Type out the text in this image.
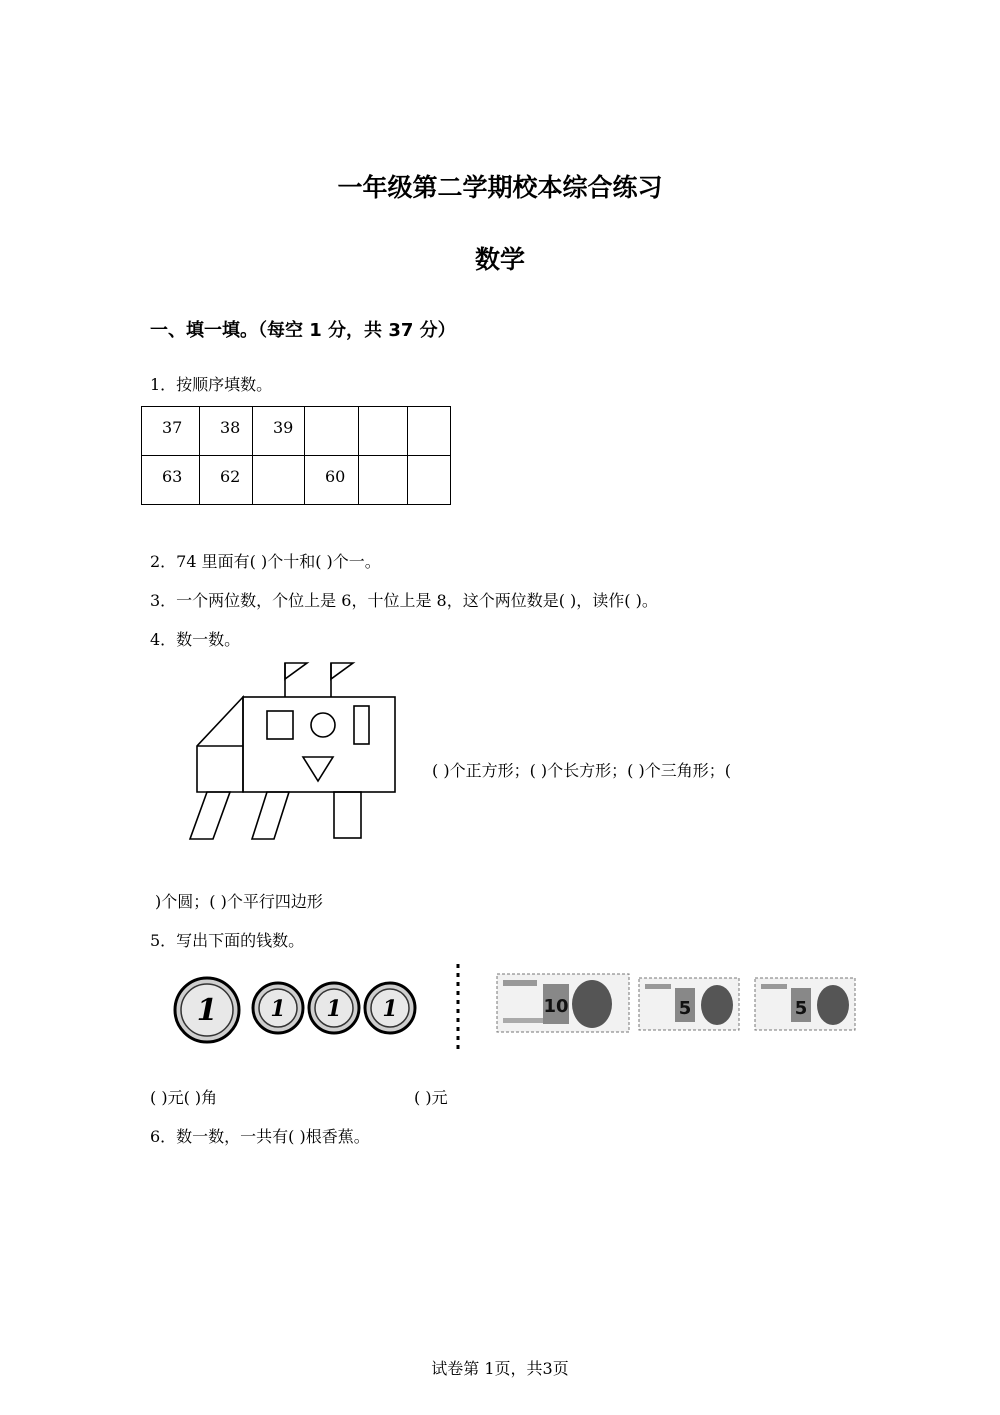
一年级第二学期校本综合练习
数学
一、填一填。（每空 1 分，共 37 分）
1．按顺序填数。
37	38	39			

63	62		60		

2．74 里面有( )个十和( )个一。
3．一个两位数，个位上是 6，十位上是 8，这个两位数是( )，读作( )。
4．数一数。
( )个正方形；( )个长方形；( )个三角形；(
)个圆；( )个平行四边形
5．写出下面的钱数。
1 1 1 1	10	5	5
( )元( )角	( )元
6．数一数，一共有( )根香蕉。
试卷第 1页，共3页
